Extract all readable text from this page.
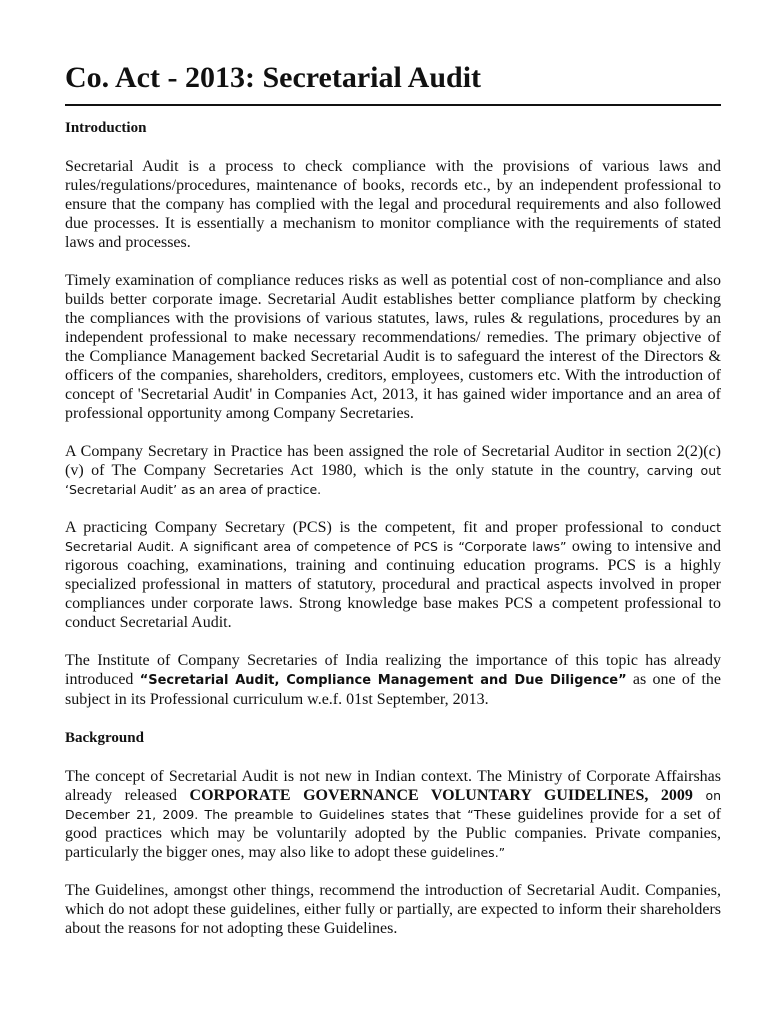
Co. Act - 2013: Secretarial Audit
Introduction

Secretarial Audit is a process to check compliance with the provisions of various laws and rules/regulations/procedures, maintenance of books, records etc., by an independent professional to ensure that the company has complied with the legal and procedural requirements and also followed due processes. It is essentially a mechanism to monitor compliance with the requirements of stated laws and processes.

Timely examination of compliance reduces risks as well as potential cost of non-compliance and also builds better corporate image. Secretarial Audit establishes better compliance platform by checking the compliances with the provisions of various statutes, laws, rules & regulations, procedures by an independent professional to make necessary recommendations/ remedies. The primary objective of the Compliance Management backed Secretarial Audit is to safeguard the interest of the Directors & officers of the companies, shareholders, creditors, employees, customers etc. With the introduction of concept of 'Secretarial Audit' in Companies Act, 2013, it has gained wider importance and an area of professional opportunity among Company Secretaries.

A Company Secretary in Practice has been assigned the role of Secretarial Auditor in section 2(2)(c)(v) of The Company Secretaries Act 1980, which is the only statute in the country, carving out ‘Secretarial Audit’ as an area of practice.

A practicing Company Secretary (PCS) is the competent, fit and proper professional to conduct Secretarial Audit. A significant area of competence of PCS is “Corporate laws” owing to intensive and rigorous coaching, examinations, training and continuing education programs. PCS is a highly specialized professional in matters of statutory, procedural and practical aspects involved in proper compliances under corporate laws. Strong knowledge base makes PCS a competent professional to conduct Secretarial Audit.

The Institute of Company Secretaries of India realizing the importance of this topic has already introduced “Secretarial Audit, Compliance Management and Due Diligence” as one of the subject in its Professional curriculum w.e.f. 01st September, 2013.

Background

The concept of Secretarial Audit is not new in Indian context. The Ministry of Corporate Affairshas already released CORPORATE GOVERNANCE VOLUNTARY GUIDELINES, 2009 on December 21, 2009. The preamble to Guidelines states that “These guidelines provide for a set of good practices which may be voluntarily adopted by the Public companies. Private companies, particularly the bigger ones, may also like to adopt these guidelines.”

The Guidelines, amongst other things, recommend the introduction of Secretarial Audit. Companies, which do not adopt these guidelines, either fully or partially, are expected to inform their shareholders about the reasons for not adopting these Guidelines.
